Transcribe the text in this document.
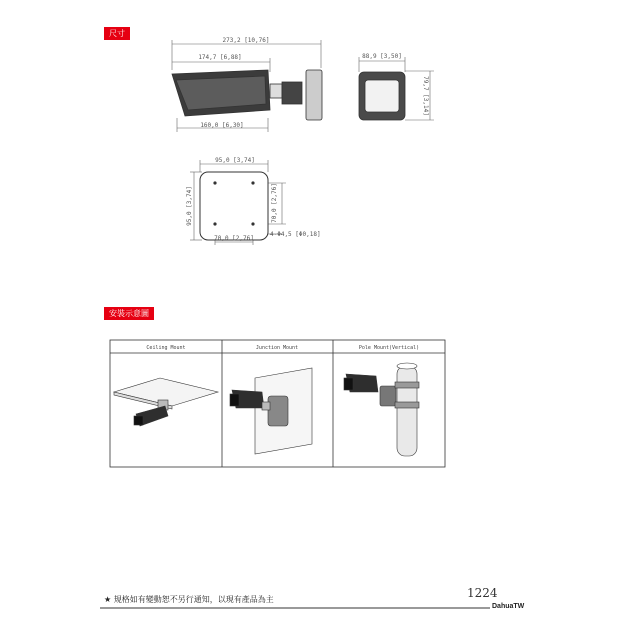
尺寸
273,2 [10,76]
174,7 [6,88]
160,0 [6,30]
88,9 [3,50]
79,7 [3,14]
95,0 [3,74]
95,0 [3,74]
70,0 [2,76]
70,0 [2,76]
4-Φ4,5 [Φ0,18]
安裝示意圖
Ceiling Mount	Junction Mount	Pole Mount(Vertical)
★ 規格如有變動恕不另行通知，以現有產品為主	1224
DahuaTW
